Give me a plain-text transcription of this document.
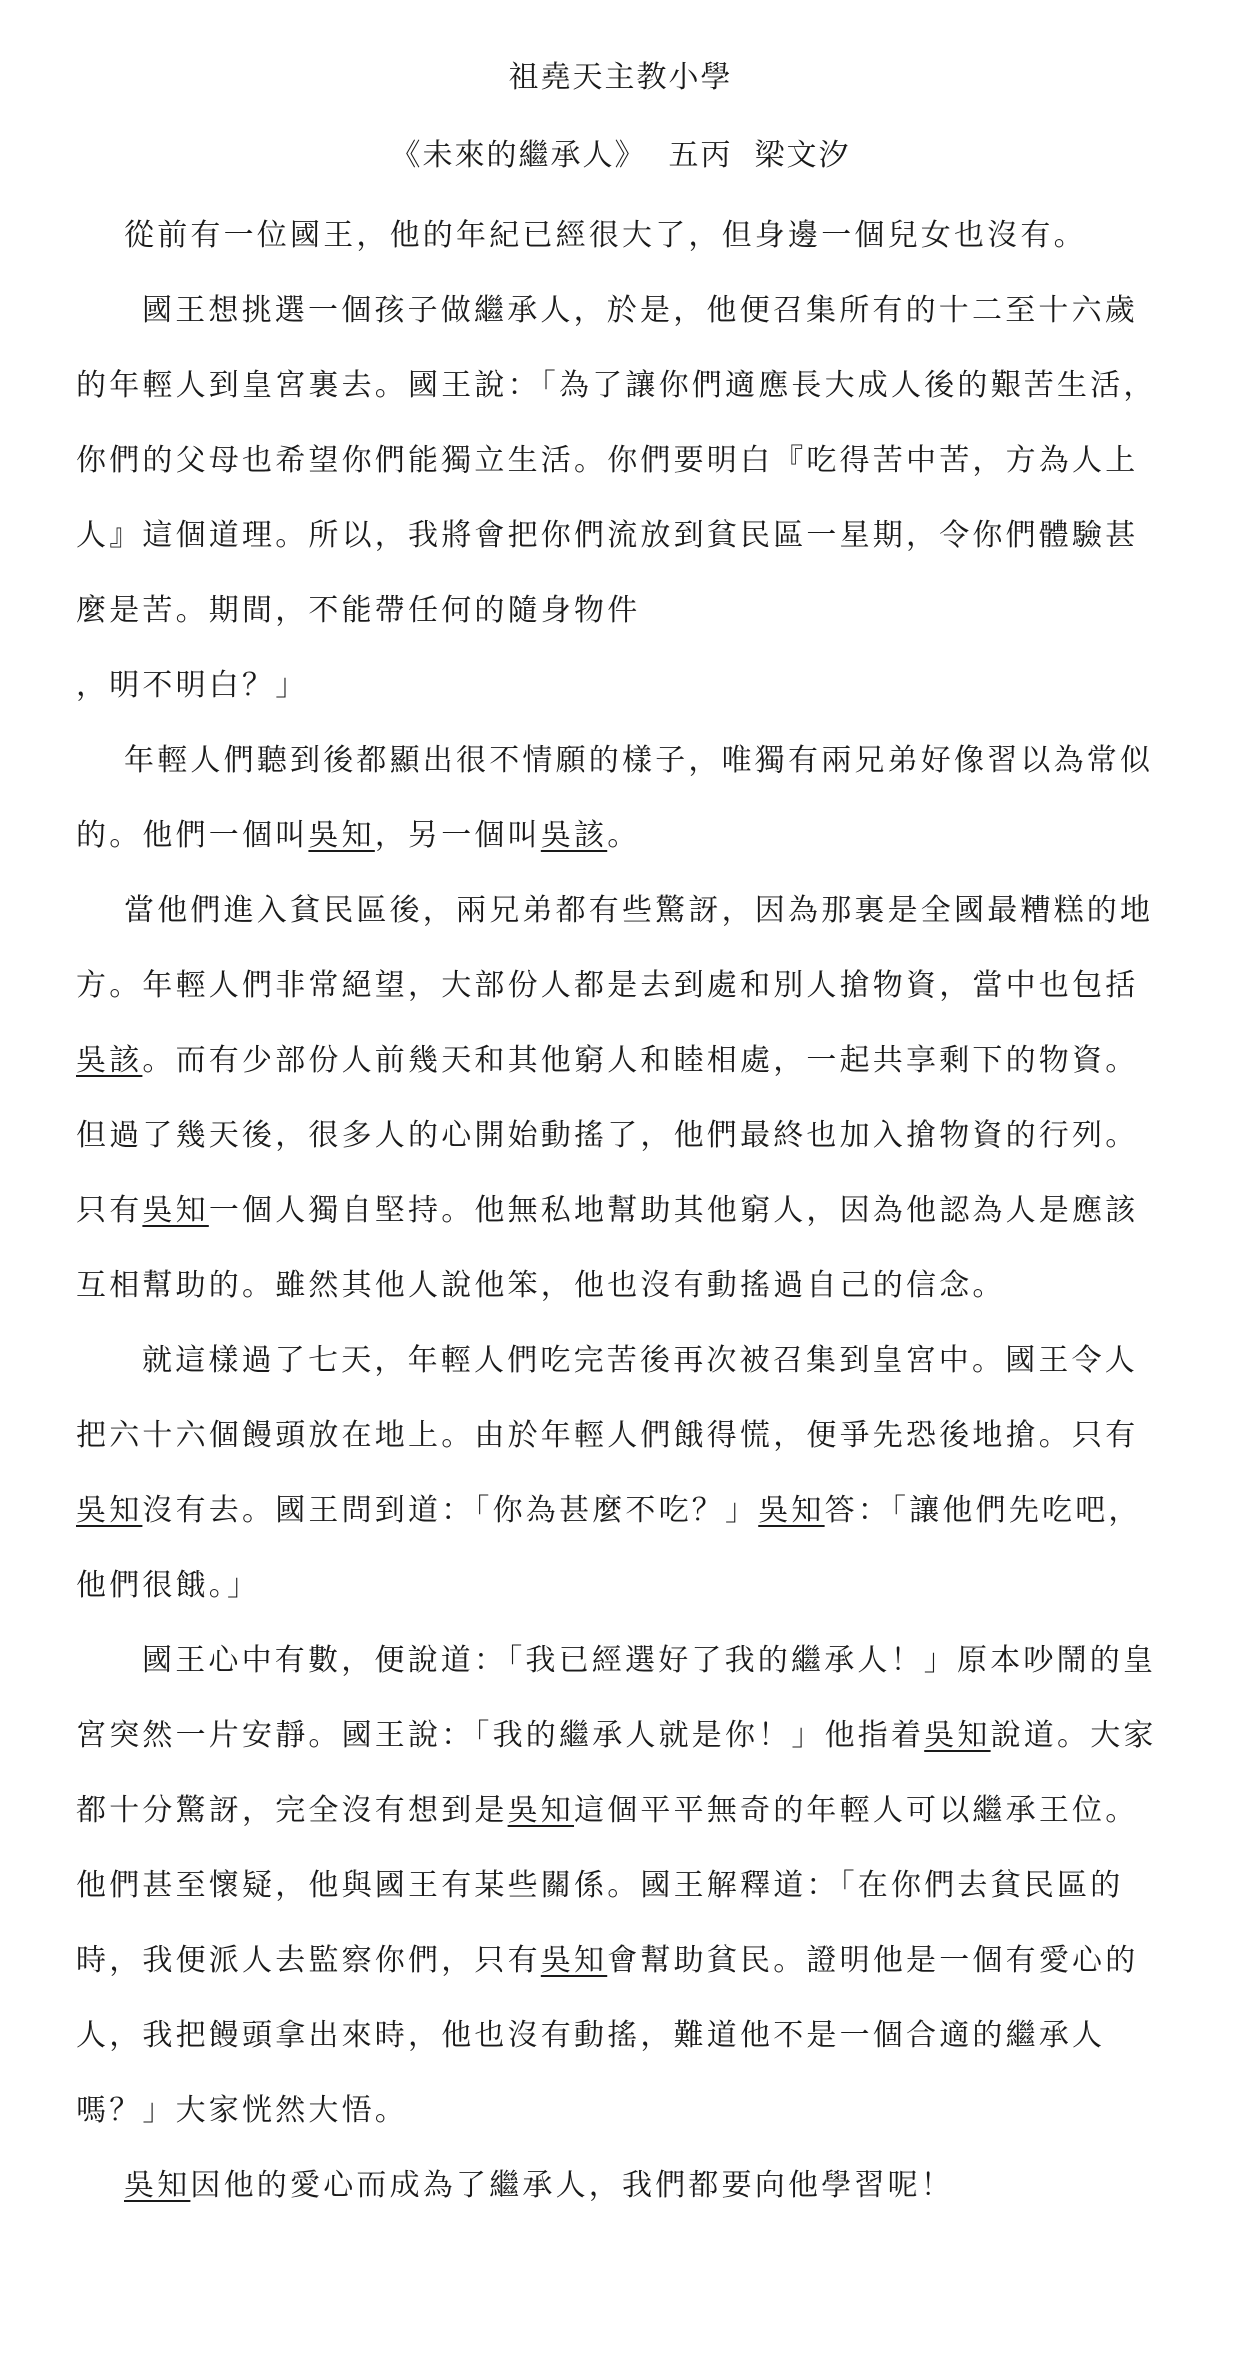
祖堯天主教小學
《未來的繼承人》 五丙 梁文汐

從前有一位國王，他的年紀已經很大了，但身邊一個兒女也沒有。

國王想挑選一個孩子做繼承人，於是，他便召集所有的十二至十六歲

的年輕人到皇宮裏去。國王說：「為了讓你們適應長大成人後的艱苦生活，

你們的父母也希望你們能獨立生活。你們要明白『吃得苦中苦，方為人上

人』這個道理。所以，我將會把你們流放到貧民區一星期，令你們體驗甚

麼是苦。期間，不能帶任何的隨身物件

，明不明白？」

年輕人們聽到後都顯出很不情願的樣子，唯獨有兩兄弟好像習以為常似

的。他們一個叫吳知，另一個叫吳該。

當他們進入貧民區後，兩兄弟都有些驚訝，因為那裏是全國最糟糕的地

方。年輕人們非常絕望，大部份人都是去到處和別人搶物資，當中也包括

吳該。而有少部份人前幾天和其他窮人和睦相處，一起共享剩下的物資。

但過了幾天後，很多人的心開始動搖了，他們最終也加入搶物資的行列。

只有吳知一個人獨自堅持。他無私地幫助其他窮人，因為他認為人是應該

互相幫助的。雖然其他人說他笨，他也沒有動搖過自己的信念。

就這樣過了七天，年輕人們吃完苦後再次被召集到皇宮中。國王令人

把六十六個饅頭放在地上。由於年輕人們餓得慌，便爭先恐後地搶。只有

吳知沒有去。國王問到道：「你為甚麼不吃？」吳知答：「讓他們先吃吧，

他們很餓。」

國王心中有數，便說道：「我已經選好了我的繼承人！」原本吵鬧的皇

宮突然一片安靜。國王說：「我的繼承人就是你！」他指着吳知說道。大家

都十分驚訝，完全沒有想到是吳知這個平平無奇的年輕人可以繼承王位。

他們甚至懷疑，他與國王有某些關係。國王解釋道：「在你們去貧民區的

時，我便派人去監察你們，只有吳知會幫助貧民。證明他是一個有愛心的

人，我把饅頭拿出來時，他也沒有動搖，難道他不是一個合適的繼承人

嗎？」大家恍然大悟。

吳知因他的愛心而成為了繼承人，我們都要向他學習呢！
